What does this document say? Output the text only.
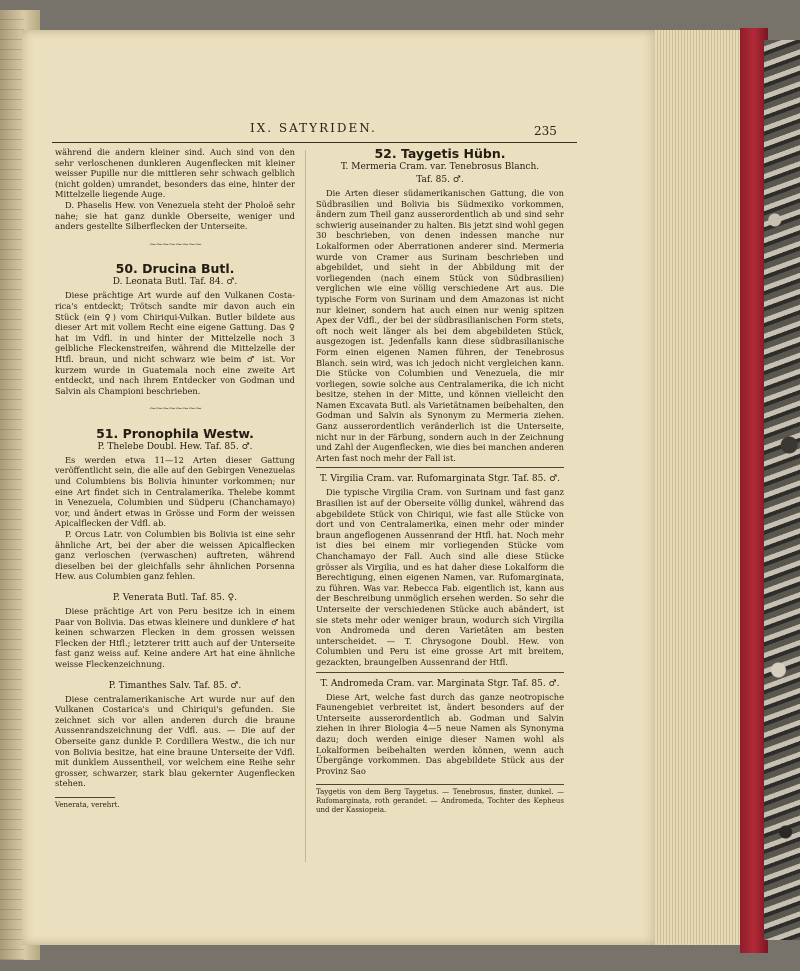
IX. SATYRIDEN.	235

während die andern kleiner sind. Auch sind von den sehr verloschenen dunkleren Augenflecken mit kleiner weisser Pupille nur die mittleren sehr schwach gelblich (nicht golden) umrandet, besonders das eine, hinter der Mittelzelle liegende Auge.

D. Phaselis Hew. von Venezuela steht der Pholoë sehr nahe; sie hat ganz dunkle Oberseite, weniger und anders gestellte Silberflecken der Unterseite.

~~~~~~~~
50. Drucina Butl.
D. Leonata Butl. Taf. 84. ♂.

Diese prächtige Art wurde auf den Vulkanen Costa-rica's entdeckt; Trötsch sandte mir davon auch ein Stück (ein ♀) vom Chiriqui-Vulkan. Butler bildete aus dieser Art mit vollem Recht eine eigene Gattung. Das ♀ hat im Vdfl. in und hinter der Mittelzelle noch 3 gelbliche Fleckenstreifen, während die Mittelzelle der Htfl. braun, und nicht schwarz wie beim ♂ ist. Vor kurzem wurde in Guatemala noch eine zweite Art entdeckt, und nach ihrem Entdecker von Godman und Salvin als Championi beschrieben.

~~~~~~~~
51. Pronophila Westw.
P. Thelebe Doubl. Hew. Taf. 85. ♂.

Es werden etwa 11—12 Arten dieser Gattung veröffentlicht sein, die alle auf den Gebirgen Venezuelas und Columbiens bis Bolivia hinunter vorkommen; nur eine Art findet sich in Centralamerika. Thelebe kommt in Venezuela, Columbien und Südperu (Chanchamayo) vor, und ändert etwas in Grösse und Form der weissen Apicalflecken der Vdfl. ab.

P. Orcus Latr. von Columbien bis Bolivia ist eine sehr ähnliche Art, bei der aber die weissen Apicalflecken ganz verloschen (verwaschen) auftreten, während dieselben bei der gleichfalls sehr ähnlichen Porsenna Hew. aus Columbien ganz fehlen.

P. Venerata Butl. Taf. 85. ♀.

Diese prächtige Art von Peru besitze ich in einem Paar von Bolivia. Das etwas kleinere und dunklere ♂ hat keinen schwarzen Flecken in dem grossen weissen Flecken der Htfl.; letzterer tritt auch auf der Unterseite fast ganz weiss auf. Keine andere Art hat eine ähnliche weisse Fleckenzeichnung.

P. Timanthes Salv. Taf. 85. ♂.

Diese centralamerikanische Art wurde nur auf den Vulkanen Costarica's und Chiriqui's gefunden. Sie zeichnet sich vor allen anderen durch die braune Aussenrandszeichnung der Vdfl. aus. — Die auf der Oberseite ganz dunkle P. Cordillera Westw., die ich nur von Bolivia besitze, hat eine braune Unterseite der Vdfl. mit dunklem Aussentheil, vor welchem eine Reihe sehr grosser, schwarzer, stark blau gekernter Augenflecken stehen.

Venerata, verehrt.

52. Taygetis Hübn.
T. Mermeria Cram. var. Tenebrosus Blanch.
Taf. 85. ♂.

Die Arten dieser südamerikanischen Gattung, die von Südbrasilien und Bolivia bis Südmexiko vorkommen, ändern zum Theil ganz ausserordentlich ab und sind sehr schwierig auseinander zu halten. Bis jetzt sind wohl gegen 30 beschrieben, von denen indessen manche nur Lokalformen oder Aberrationen anderer sind. Mermeria wurde von Cramer aus Surinam beschrieben und abgebildet, und sieht in der Abbildung mit der vorliegenden (nach einem Stück von Südbrasilien) verglichen wie eine völlig verschiedene Art aus. Die typische Form von Surinam und dem Amazonas ist nicht nur kleiner, sondern hat auch einen nur wenig spitzen Apex der Vdfl., der bei der südbrasilianischen Form stets, oft noch weit länger als bei dem abgebildeten Stück, ausgezogen ist. Jedenfalls kann diese südbrasilianische Form einen eigenen Namen führen, der Tenebrosus Blanch. sein wird, was ich jedoch nicht vergleichen kann. Die Stücke von Columbien und Venezuela, die mir vorliegen, sowie solche aus Centralamerika, die ich nicht besitze, stehen in der Mitte, und können vielleicht den Namen Excavata Butl. als Varietätnamen beibehalten, den Godman und Salvin als Synonym zu Mermeria ziehen. Ganz ausserordentlich veränderlich ist die Unterseite, nicht nur in der Färbung, sondern auch in der Zeichnung und Zahl der Augenflecken, wie dies bei manchen anderen Arten fast noch mehr der Fall ist.

T. Virgilia Cram. var. Rufomarginata Stgr. Taf. 85. ♂.

Die typische Virgilia Cram. von Surinam und fast ganz Brasilien ist auf der Oberseite völlig dunkel, während das abgebildete Stück von Chiriqui, wie fast alle Stücke von dort und von Centralamerika, einen mehr oder minder braun angeflogenen Aussenrand der Htfl. hat. Noch mehr ist dies bei einem mir vorliegenden Stücke vom Chanchamayo der Fall. Auch sind alle diese Stücke grösser als Virgilia, und es hat daher diese Lokalform die Berechtigung, einen eigenen Namen, var. Rufomarginata, zu führen. Was var. Rebecca Fab. eigentlich ist, kann aus der Beschreibung unmöglich ersehen werden. So sehr die Unterseite der verschiedenen Stücke auch abändert, ist sie stets mehr oder weniger braun, wodurch sich Virgilia von Andromeda und deren Varietäten am besten unterscheidet. — T. Chrysogone Doubl. Hew. von Columbien und Peru ist eine grosse Art mit breitem, gezackten, braungelben Aussenrand der Htfl.

T. Andromeda Cram. var. Marginata Stgr. Taf. 85. ♂.

Diese Art, welche fast durch das ganze neotropische Faunengebiet verbreitet ist, ändert besonders auf der Unterseite ausserordentlich ab. Godman und Salvin ziehen in ihrer Biologia 4—5 neue Namen als Synonyma dazu; doch werden einige dieser Namen wohl als Lokalformen beibehalten werden können, wenn auch Übergänge vorkommen. Das abgebildete Stück aus der Provinz Sao

Taygetis von dem Berg Taygetus. — Tenebrosus, finster, dunkel. — Rufomarginata, roth gerandet. — Andromeda, Tochter des Kepheus und der Kassiopeia.
